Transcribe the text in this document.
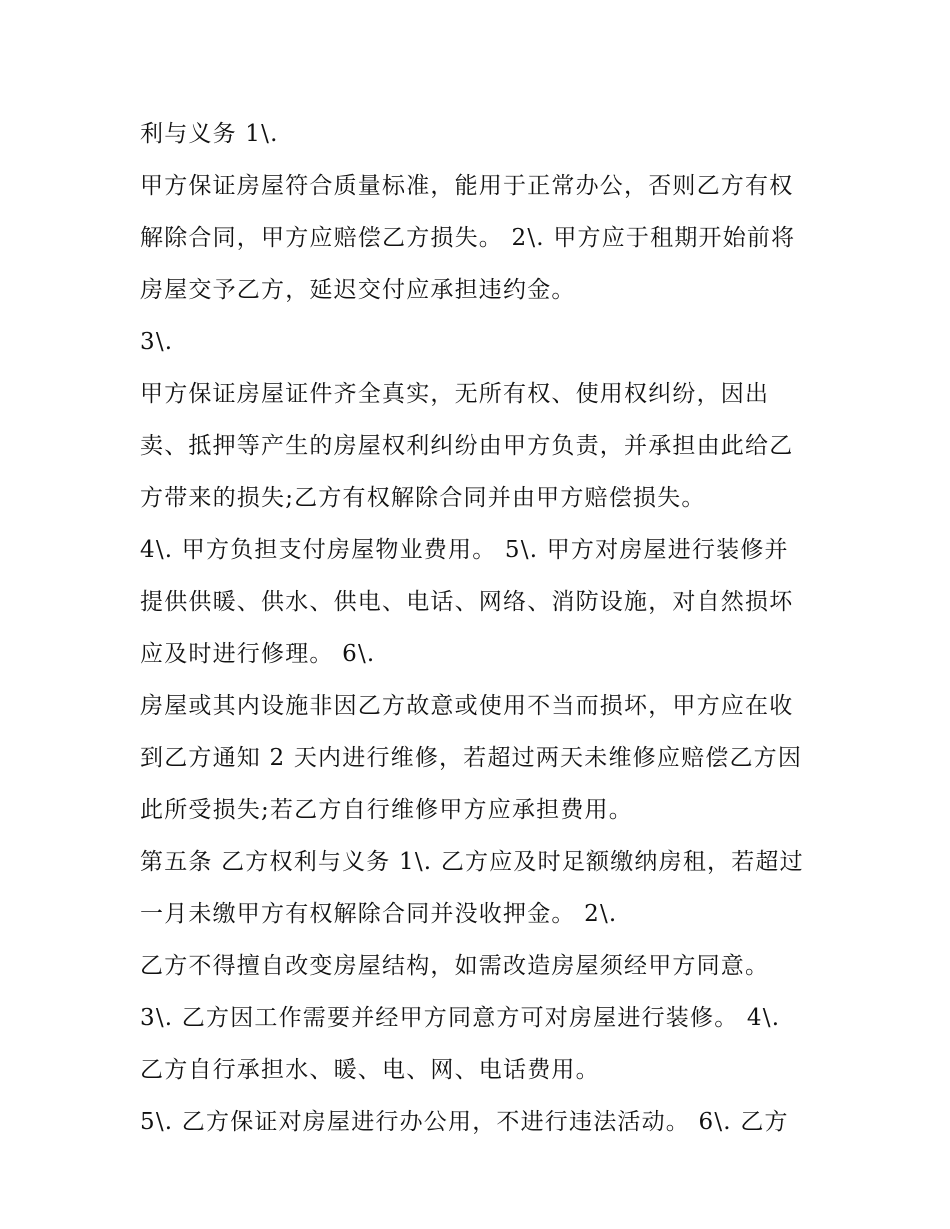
利与义务 1\.
甲方保证房屋符合质量标准，能用于正常办公，否则乙方有权
解除合同，甲方应赔偿乙方损失。 2\. 甲方应于租期开始前将
房屋交予乙方，延迟交付应承担违约金。
3\.
甲方保证房屋证件齐全真实，无所有权、使用权纠纷，因出
卖、抵押等产生的房屋权利纠纷由甲方负责，并承担由此给乙
方带来的损失;乙方有权解除合同并由甲方赔偿损失。
4\. 甲方负担支付房屋物业费用。 5\. 甲方对房屋进行装修并
提供供暖、供水、供电、电话、网络、消防设施，对自然损坏
应及时进行修理。 6\.
房屋或其内设施非因乙方故意或使用不当而损坏，甲方应在收
到乙方通知 2 天内进行维修，若超过两天未维修应赔偿乙方因
此所受损失;若乙方自行维修甲方应承担费用。
第五条 乙方权利与义务 1\. 乙方应及时足额缴纳房租，若超过
一月未缴甲方有权解除合同并没收押金。 2\.
乙方不得擅自改变房屋结构，如需改造房屋须经甲方同意。
3\. 乙方因工作需要并经甲方同意方可对房屋进行装修。 4\.
乙方自行承担水、暖、电、网、电话费用。
5\. 乙方保证对房屋进行办公用，不进行违法活动。 6\. 乙方
